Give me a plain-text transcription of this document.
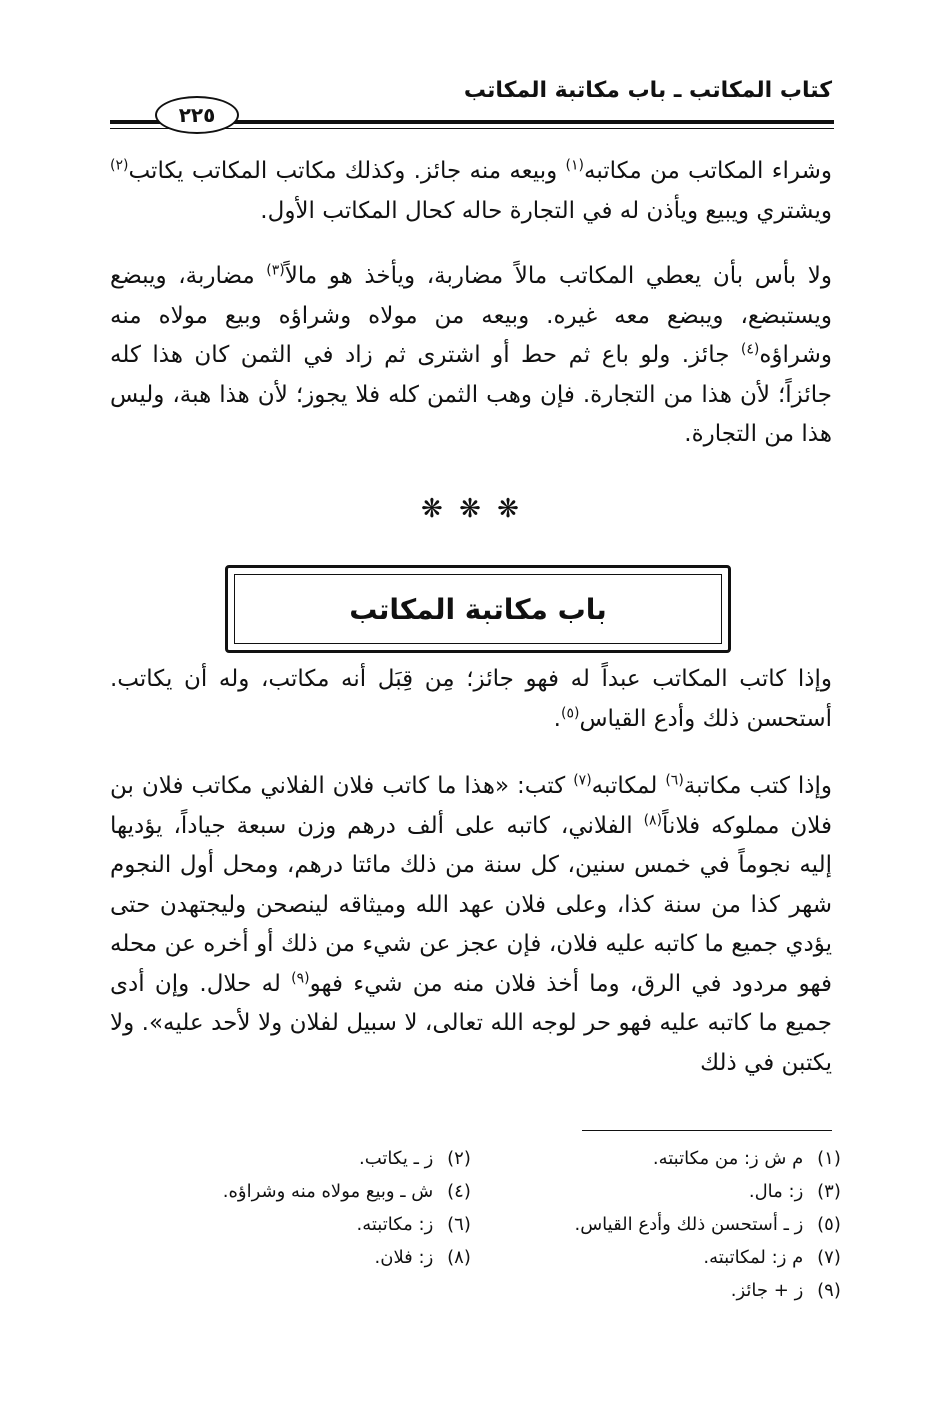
كتاب المكاتب ـ باب مكاتبة المكاتب
٢٢٥

وشراء المكاتب من مكاتبه$^{(١)}$ وبيعه منه جائز. وكذلك مكاتب المكاتب يكاتب$^{(٢)}$ ويشتري ويبيع ويأذن له في التجارة حاله كحال المكاتب الأول.

ولا بأس بأن يعطي المكاتب مالاً مضاربة، ويأخذ هو مالاً$^{(٣)}$ مضاربة، ويبضع ويستبضع، ويبضع معه غيره. وبيعه من مولاه وشراؤه وبيع مولاه منه وشراؤه$^{(٤)}$ جائز. ولو باع ثم حط أو اشترى ثم زاد في الثمن كان هذا كله جائزاً؛ لأن هذا من التجارة. فإن وهب الثمن كله فلا يجوز؛ لأن هذا هبة، وليس هذا من التجارة.

❋ ❋ ❋
باب مكاتبة المكاتب

وإذا كاتب المكاتب عبداً له فهو جائز؛ مِن قِبَل أنه مكاتب، وله أن يكاتب. أستحسن ذلك وأدع القياس$^{(٥)}$.

وإذا كتب مكاتبة$^{(٦)}$ لمكاتبه$^{(٧)}$ كتب: «هذا ما كاتب فلان الفلاني مكاتب فلان بن فلان مملوكه فلاناً$^{(٨)}$ الفلاني، كاتبه على ألف درهم وزن سبعة جياداً، يؤديها إليه نجوماً في خمس سنين، كل سنة من ذلك مائتا درهم، ومحل أول النجوم شهر كذا من سنة كذا، وعلى فلان عهد الله وميثاقه لينصحن وليجتهدن حتى يؤدي جميع ما كاتبه عليه فلان، فإن عجز عن شيء من ذلك أو أخره عن محله فهو مردود في الرق، وما أخذ فلان منه من شيء فهو$^{(٩)}$ له حلال. وإن أدى جميع ما كاتبه عليه فهو حر لوجه الله تعالى، لا سبيل لفلان ولا لأحد عليه». ولا يكتبن في ذلك

(١) م ش ز: من مكاتبته.
(٢) ز ـ يكاتب.
(٣) ز: مال.
(٤) ش ـ وبيع مولاه منه وشراؤه.
(٥) ز ـ أستحسن ذلك وأدع القياس.
(٦) ز: مكاتبته.
(٧) م ز: لمكاتبته.
(٨) ز: فلان.
(٩) ز + جائز.
